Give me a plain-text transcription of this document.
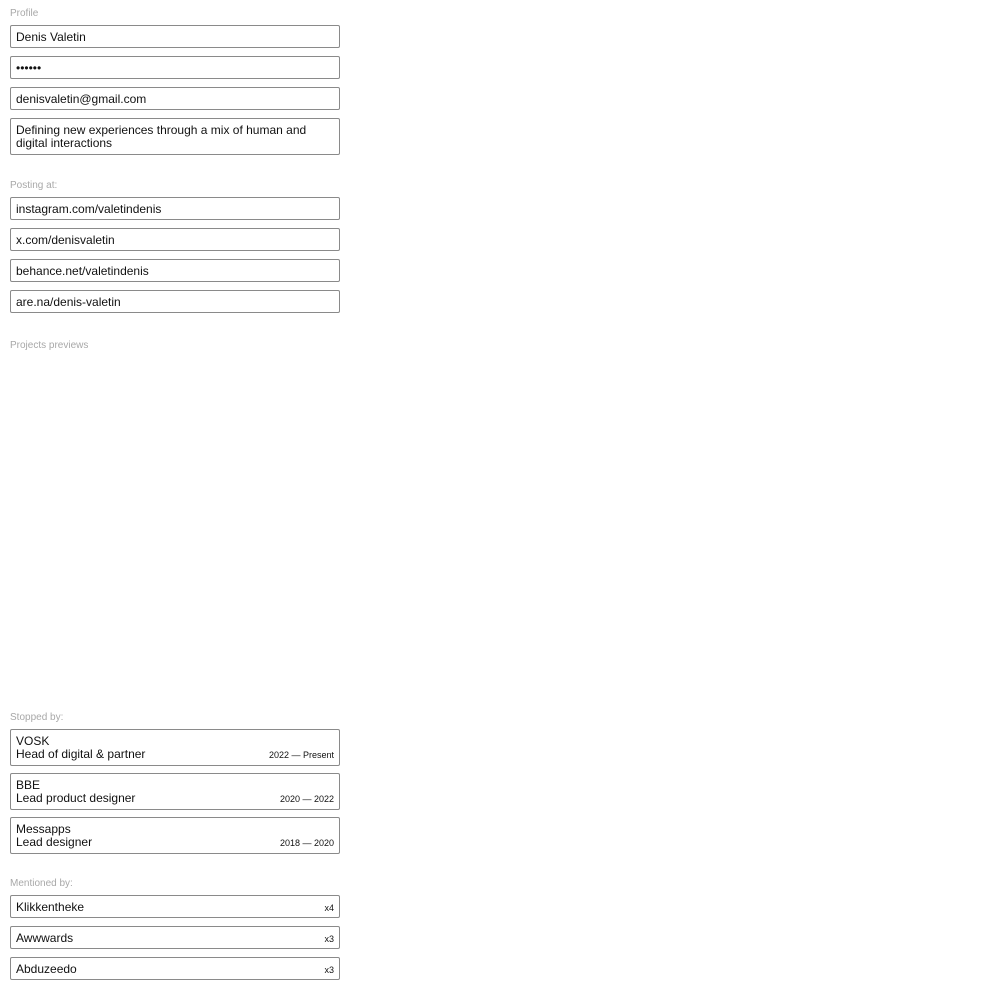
Profile
Denis Valetin
••••••
denisvaletin@gmail.com
Defining new experiences through a mix of human and digital interactions
Posting at:
instagram.com/valetindenis
x.com/denisvaletin
behance.net/valetindenis
are.na/denis-valetin
Projects previews
Stopped by:
VOSK
Head of digital & partner	2022 — Present
BBE
Lead product designer	2020 — 2022
Messapps
Lead designer	2018 — 2020
Mentioned by:
Klikkentheke	x4
Awwwards	x3
Abduzeedo	x3
